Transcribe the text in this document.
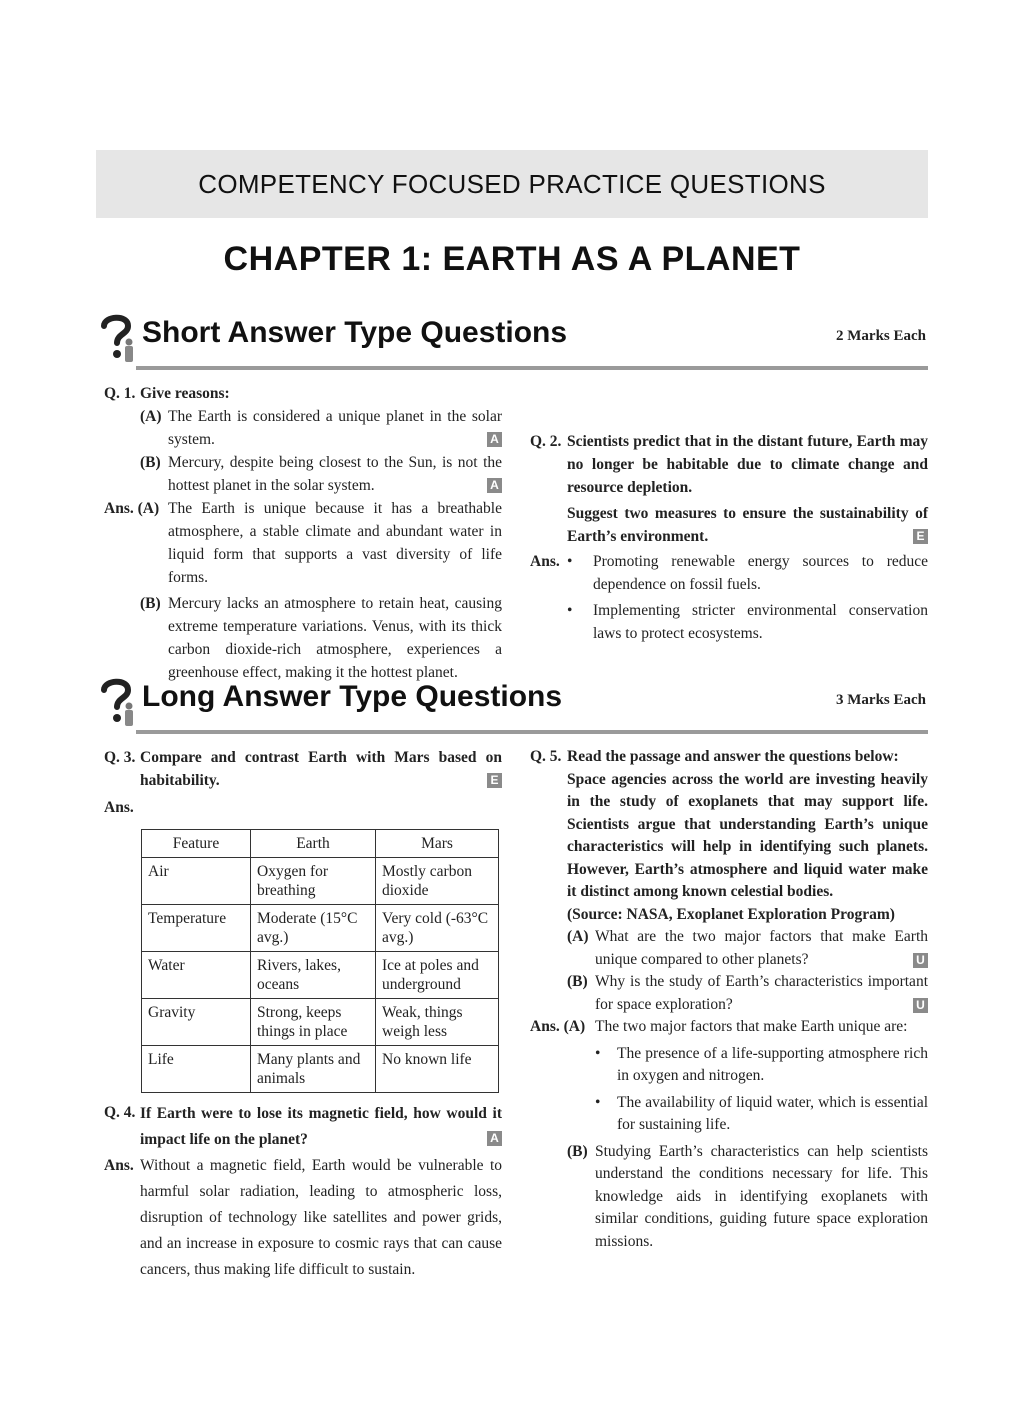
COMPETENCY FOCUSED PRACTICE QUESTIONS
CHAPTER 1: EARTH AS A PLANET
Short Answer Type Questions	2 Marks Each
Q. 1. Give reasons:
(A) The Earth is considered a unique planet in the solar system.	A
(B) Mercury, despite being closest to the Sun, is not the hottest planet in the solar system.	A
Ans. (A) The Earth is unique because it has a breathable atmosphere, a stable climate and abundant water in liquid form that supports a vast diversity of life forms.
(B) Mercury lacks an atmosphere to retain heat, causing extreme temperature variations. Venus, with its thick carbon dioxide-rich atmosphere, experiences a greenhouse effect, making it the hottest planet.
Q. 2. Scientists predict that in the distant future, Earth may no longer be habitable due to climate change and resource depletion.
Suggest two measures to ensure the sustainability of Earth’s environment.	E
Ans. •	Promoting renewable energy sources to reduce dependence on fossil fuels.
•	Implementing stricter environmental conservation laws to protect ecosystems.
Long Answer Type Questions	3 Marks Each
Q. 3. Compare and contrast Earth with Mars based on habitability.	E
Ans.
Feature	Earth	Mars
Air	Oxygen for breathing	Mostly carbon dioxide
Temperature	Moderate (15°C avg.)	Very cold (-63°C avg.)
Water	Rivers, lakes, oceans	Ice at poles and underground
Gravity	Strong, keeps things in place	Weak, things weigh less
Life	Many plants and animals	No known life
Q. 4. If Earth were to lose its magnetic field, how would it impact life on the planet?	A
Ans. Without a magnetic field, Earth would be vulnerable to harmful solar radiation, leading to atmospheric loss, disruption of technology like satellites and power grids, and an increase in exposure to cosmic rays that can cause cancers, thus making life difficult to sustain.
Q. 5. Read the passage and answer the questions below:
Space agencies across the world are investing heavily in the study of exoplanets that may support life. Scientists argue that understanding Earth’s unique characteristics will help in identifying such planets. However, Earth’s atmosphere and liquid water make it distinct among known celestial bodies.
(Source: NASA, Exoplanet Exploration Program)
(A) What are the two major factors that make Earth unique compared to other planets?	U
(B) Why is the study of Earth’s characteristics important for space exploration?	U
Ans. (A) The two major factors that make Earth unique are:
•	The presence of a life-supporting atmosphere rich in oxygen and nitrogen.
•	The availability of liquid water, which is essential for sustaining life.
(B) Studying Earth’s characteristics can help scientists understand the conditions necessary for life. This knowledge aids in identifying exoplanets with similar conditions, guiding future space exploration missions.
